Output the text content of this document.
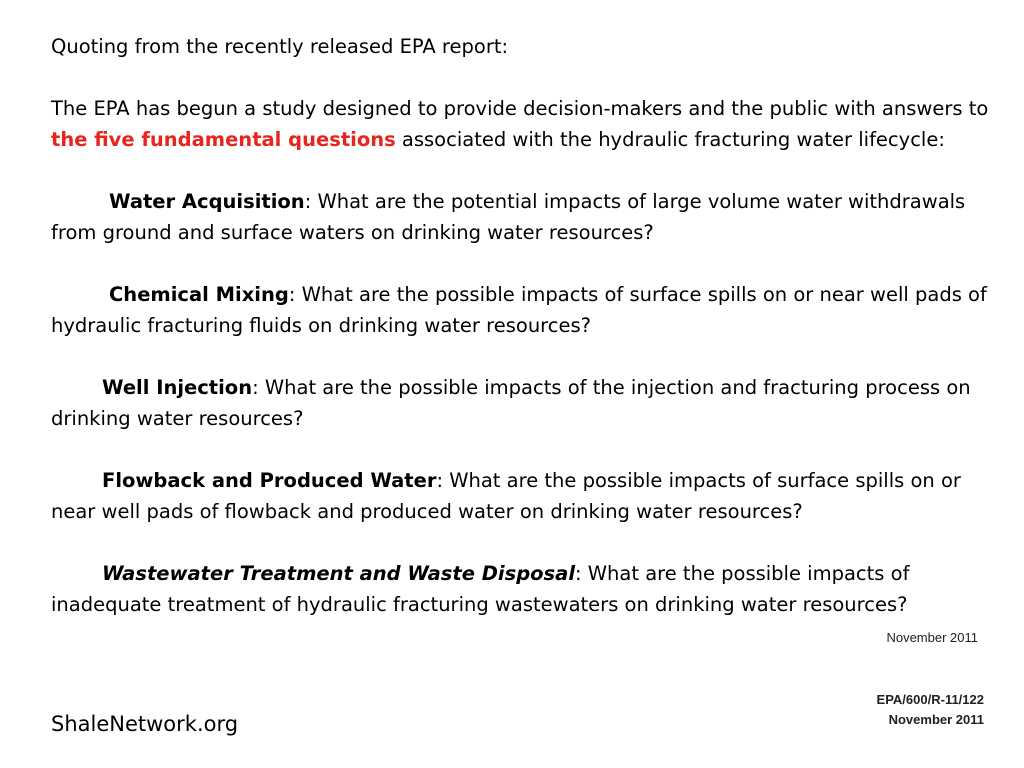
Quoting from the recently released EPA report:

The EPA has begun a study designed to provide decision-makers and the public with answers to the five fundamental questions associated with the hydraulic fracturing water lifecycle:

Water Acquisition: What are the potential impacts of large volume water withdrawals from ground and surface waters on drinking water resources?

Chemical Mixing: What are the possible impacts of surface spills on or near well pads of hydraulic fracturing fluids on drinking water resources?

Well Injection: What are the possible impacts of the injection and fracturing process on drinking water resources?

Flowback and Produced Water: What are the possible impacts of surface spills on or near well pads of flowback and produced water on drinking water resources?

Wastewater Treatment and Waste Disposal: What are the possible impacts of inadequate treatment of hydraulic fracturing wastewaters on drinking water resources?

November 2011
EPA/600/R-11/122
November 2011
ShaleNetwork.org
